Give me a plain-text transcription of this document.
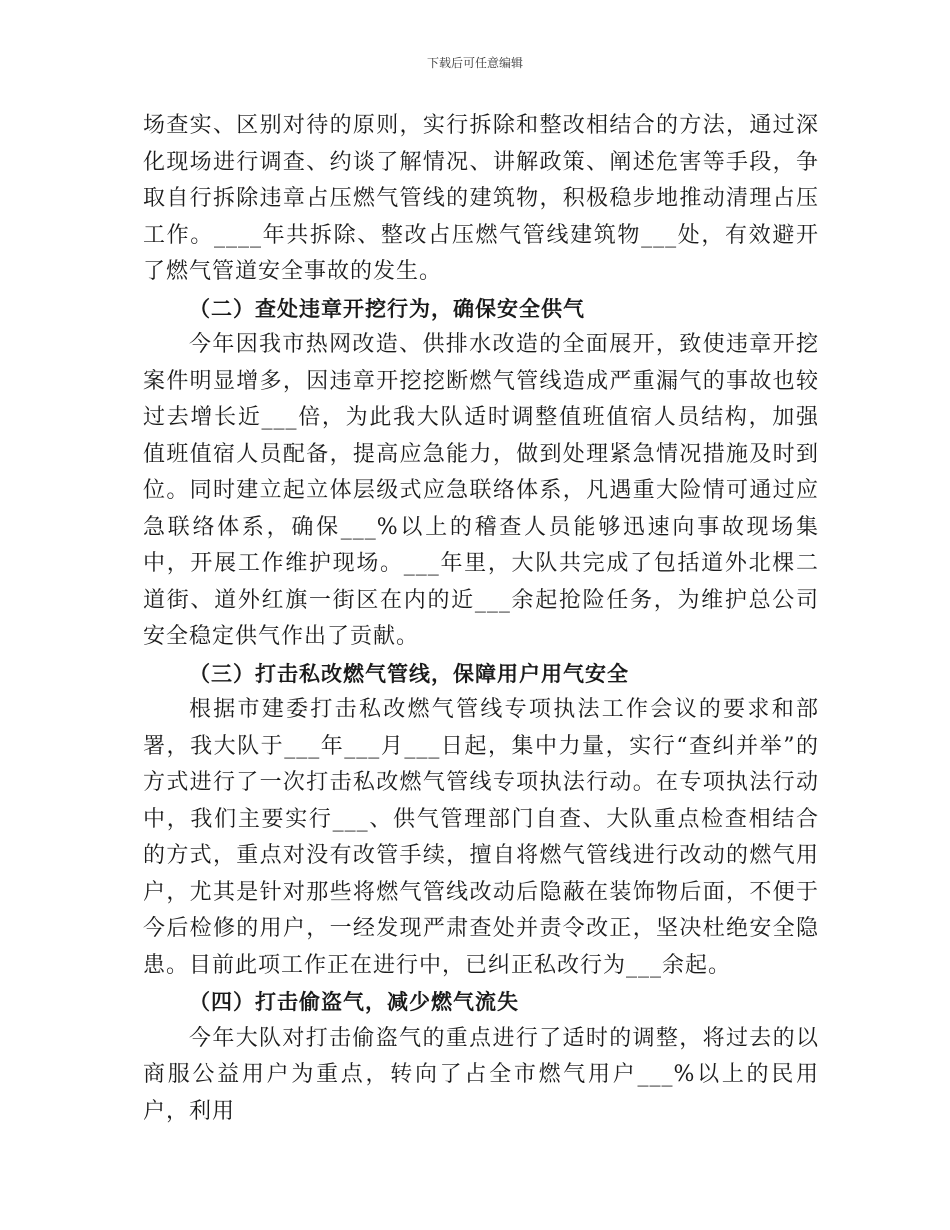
下载后可任意编辑

场查实、区别对待的原则，实行拆除和整改相结合的方法，通过深化现场进行调查、约谈了解情况、讲解政策、阐述危害等手段，争取自行拆除违章占压燃气管线的建筑物，积极稳步地推动清理占压工作。____年共拆除、整改占压燃气管线建筑物___处，有效避开了燃气管道安全事故的发生。

（二）查处违章开挖行为，确保安全供气

今年因我市热网改造、供排水改造的全面展开，致使违章开挖案件明显增多，因违章开挖挖断燃气管线造成严重漏气的事故也较过去增长近___倍，为此我大队适时调整值班值宿人员结构，加强值班值宿人员配备，提高应急能力，做到处理紧急情况措施及时到位。同时建立起立体层级式应急联络体系，凡遇重大险情可通过应急联络体系，确保___%以上的稽查人员能够迅速向事故现场集中，开展工作维护现场。___年里，大队共完成了包括道外北棵二道街、道外红旗一街区在内的近___余起抢险任务，为维护总公司安全稳定供气作出了贡献。

（三）打击私改燃气管线，保障用户用气安全

根据市建委打击私改燃气管线专项执法工作会议的要求和部署，我大队于___年___月___日起，集中力量，实行“查纠并举”的方式进行了一次打击私改燃气管线专项执法行动。在专项执法行动中，我们主要实行___、供气管理部门自查、大队重点检查相结合的方式，重点对没有改管手续，擅自将燃气管线进行改动的燃气用户，尤其是针对那些将燃气管线改动后隐蔽在装饰物后面，不便于今后检修的用户，一经发现严肃查处并责令改正，坚决杜绝安全隐患。目前此项工作正在进行中，已纠正私改行为___余起。

（四）打击偷盗气，减少燃气流失

今年大队对打击偷盗气的重点进行了适时的调整，将过去的以商服公益用户为重点，转向了占全市燃气用户___%以上的民用户，利用
